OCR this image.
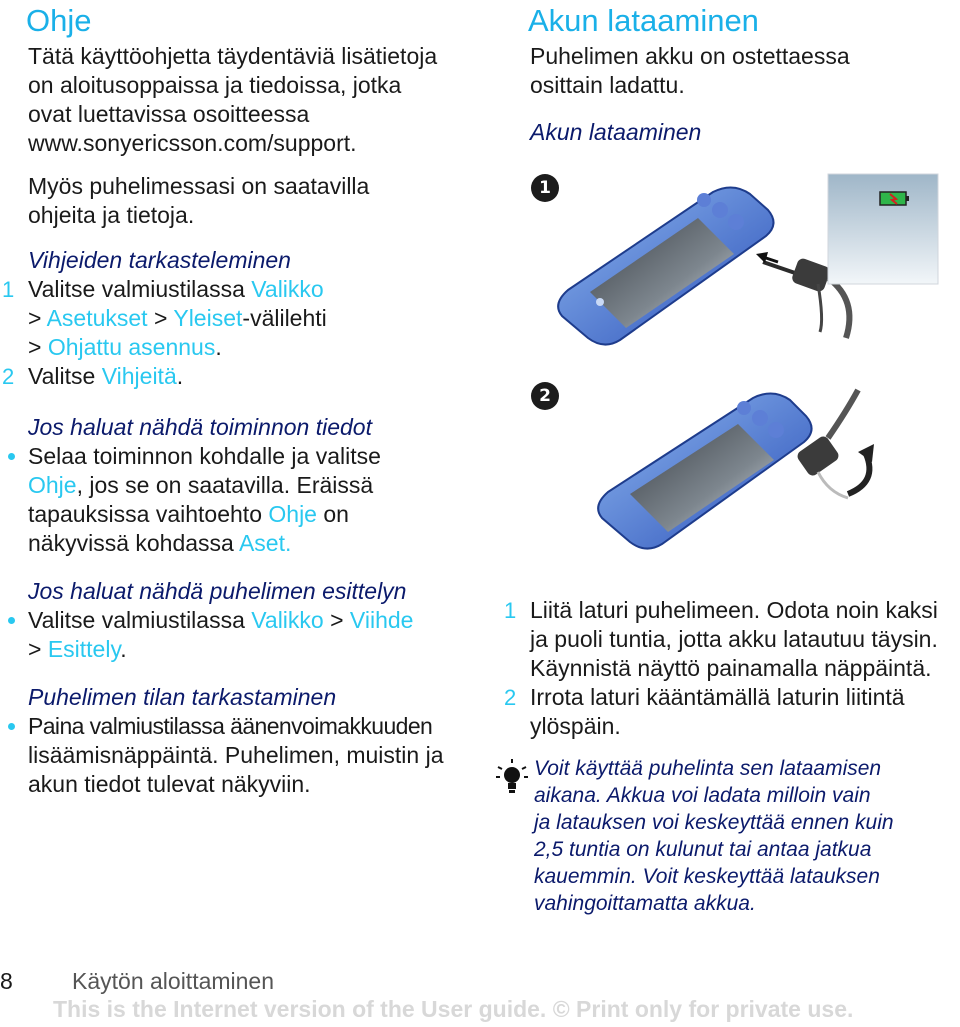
Ohje

Tätä käyttöohjetta täydentäviä lisätietoja

on aloitusoppaissa ja tiedoissa, jotka

ovat luettavissa osoitteessa

www.sonyericsson.com/support.

Myös puhelimessasi on saatavilla

ohjeita ja tietoja.

Vihjeiden tarkasteleminen
1 Valitse valmiustilassa Valikko
> Asetukset > Yleiset-välilehti
> Ohjattu asennus.
2 Valitse Vihjeitä.
Jos haluat nähdä toiminnon tiedot
Selaa toiminnon kohdalle ja valitse
Ohje, jos se on saatavilla. Eräissä
tapauksissa vaihtoehto Ohje on
näkyvissä kohdassa Aset.
Jos haluat nähdä puhelimen esittelyn
Valitse valmiustilassa Valikko > Viihde
> Esittely.
Puhelimen tilan tarkastaminen
Paina valmiustilassa äänenvoimakkuuden
lisäämisnäppäintä. Puhelimen, muistin ja
akun tiedot tulevat näkyviin.
Akun lataaminen

Puhelimen akku on ostettaessa

osittain ladattu.

Akun lataaminen
1
2
1 Liitä laturi puhelimeen. Odota noin kaksi
ja puoli tuntia, jotta akku latautuu täysin.
Käynnistä näyttö painamalla näppäintä.
2 Irrota laturi kääntämällä laturin liitintä
ylöspäin.
Voit käyttää puhelinta sen lataamisen
aikana. Akkua voi ladata milloin vain
ja latauksen voi keskeyttää ennen kuin
2,5 tuntia on kulunut tai antaa jatkua
kauemmin. Voit keskeyttää latauksen
vahingoittamatta akkua.
8	Käytön aloittaminen
This is the Internet version of the User guide. © Print only for private use.
